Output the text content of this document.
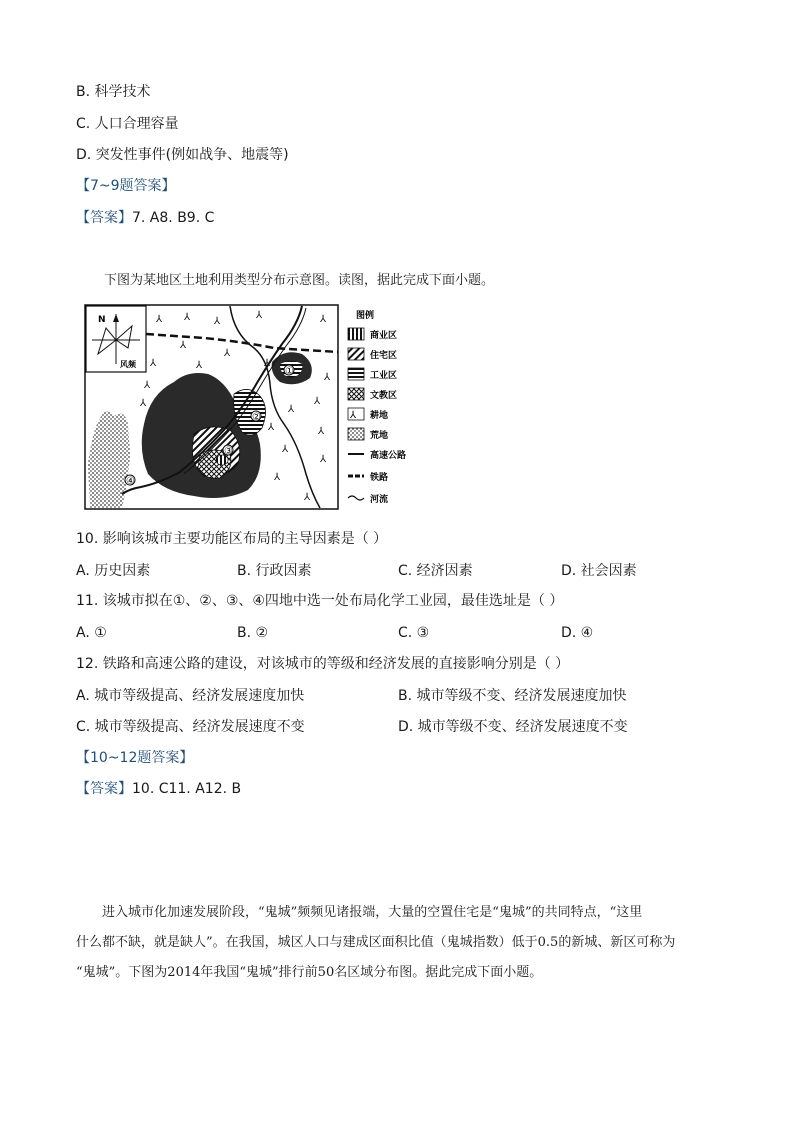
B. 科学技术
C. 人口合理容量
D. 突发性事件(例如战争、地震等)
【7~9题答案】
【答案】7. A8. B9. C
下图为某地区土地利用类型分布示意图。读图，据此完成下面小题。
N
风频
⅄ ⅄ ⅄
⅄
⅄
⅄
⅄	⅄
⅄
⅄
⅄
⅄
⅄
⅄
⅄
⅄
⅄
⅄
⅄
⅄
⅄
①
②
③
④
图例
商业区
住宅区
工业区
文教区
⅄ 耕地
荒地
高速公路
铁路
河流
10. 影响该城市主要功能区布局的主导因素是（ ）
A. 历史因素	B. 行政因素	C. 经济因素	D. 社会因素
11. 该城市拟在①、②、③、④四地中选一处布局化学工业园，最佳选址是（ ）
A. ①	B. ②	C. ③	D. ④
12. 铁路和高速公路的建设，对该城市的等级和经济发展的直接影响分别是（ ）
A. 城市等级提高、经济发展速度加快	B. 城市等级不变、经济发展速度加快
C. 城市等级提高、经济发展速度不变	D. 城市等级不变、经济发展速度不变
【10~12题答案】
【答案】10. C11. A12. B
进入城市化加速发展阶段，“鬼城”频频见诸报端，大量的空置住宅是“鬼城”的共同特点，“这里
什么都不缺，就是缺人”。在我国，城区人口与建成区面积比值（鬼城指数）低于0.5的新城、新区可称为
“鬼城”。下图为2014年我国“鬼城”排行前50名区域分布图。据此完成下面小题。
